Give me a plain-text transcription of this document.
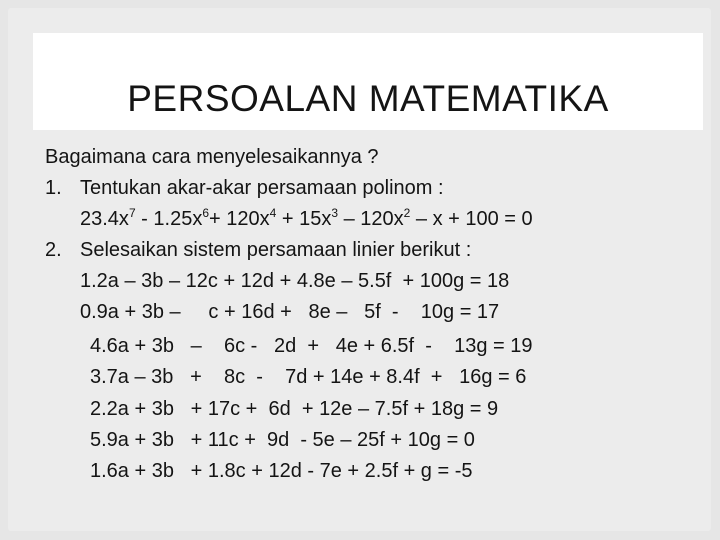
PERSOALAN MATEMATIKA
Bagaimana cara menyelesaikannya ?
1. Tentukan akar-akar persamaan polinom :
$23.4x^7 - 1.25x^6+ 120x^4 + 15x^3 - 120x^2 - x + 100 = 0$
2. Selesaikan sistem persamaan linier berikut :
1.2a – 3b – 12c + 12d + 4.8e – 5.5f  + 100g = 18
0.9a + 3b –     c + 16d +   8e –   5f  -    10g = 17
4.6a + 3b   –    6c -   2d  +   4e + 6.5f  -    13g = 19
3.7a – 3b   +    8c  -    7d + 14e + 8.4f  +   16g = 6
2.2a + 3b   + 17c +  6d  + 12e – 7.5f + 18g = 9
5.9a + 3b   + 11c +  9d  - 5e – 25f + 10g = 0
1.6a + 3b   + 1.8c + 12d - 7e + 2.5f + g = -5
